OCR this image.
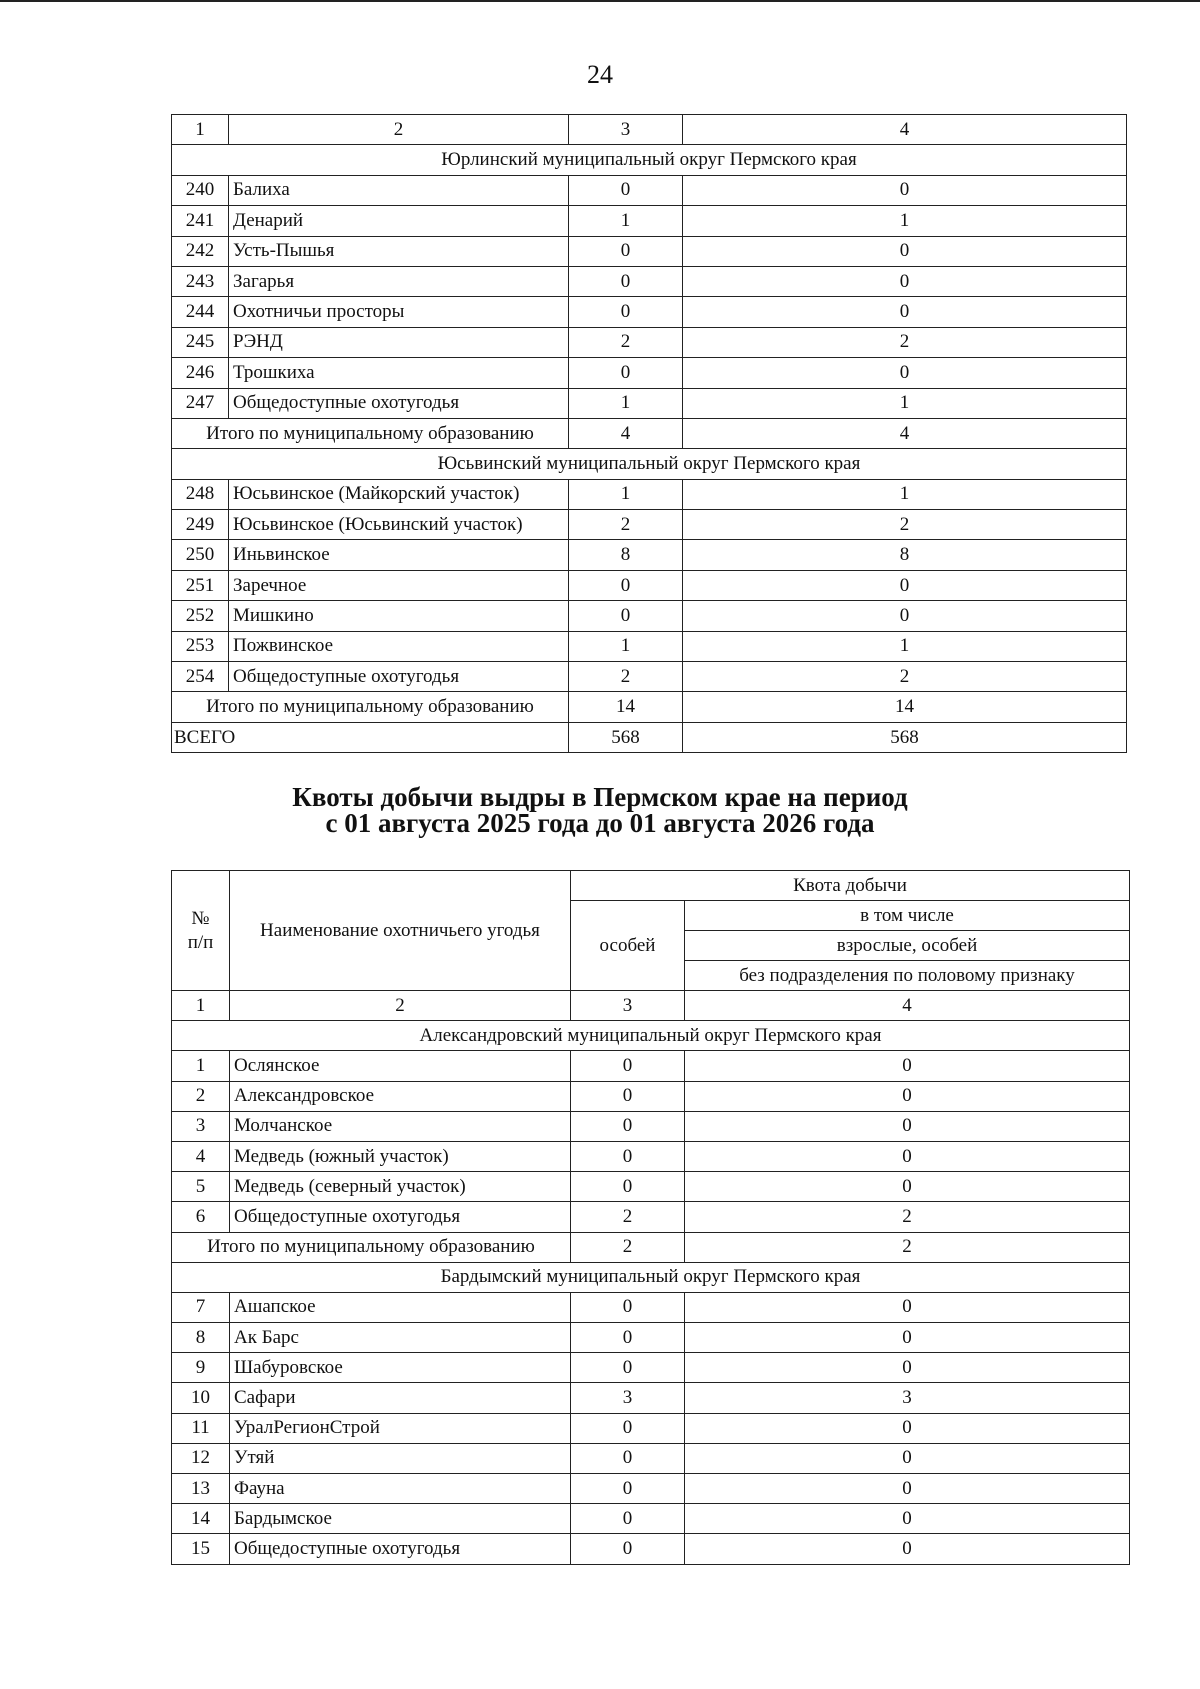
24
1	2	3	4
Юрлинский муниципальный округ Пермского края			
240	Балиха	0	0
241	Денарий	1	1
242	Усть-Пышья	0	0
243	Загарья	0	0
244	Охотничьи просторы	0	0
245	РЭНД	2	2
246	Трошкиха	0	0
247	Общедоступные охотугодья	1	1
Итого по муниципальному образованию		4	4
Юсьвинский муниципальный округ Пермского края			
248	Юсьвинское (Майкорский участок)	1	1
249	Юсьвинское (Юсьвинский участок)	2	2
250	Иньвинское	8	8
251	Заречное	0	0
252	Мишкино	0	0
253	Пожвинское	1	1
254	Общедоступные охотугодья	2	2
Итого по муниципальному образованию		14	14
ВСЕГО		568	568
Квоты добычи выдры в Пермском крае на период
с 01 августа 2025 года до 01 августа 2026 года
№
п/п	Наименование охотничьего угодья	Квота добычи	
		особей	в том числе
			взрослые, особей
			без подразделения по половому признаку
1	2	3	4
Александровский муниципальный округ Пермского края			
1	Ослянское	0	0
2	Александровское	0	0
3	Молчанское	0	0
4	Медведь (южный участок)	0	0
5	Медведь (северный участок)	0	0
6	Общедоступные охотугодья	2	2
Итого по муниципальному образованию		2	2
Бардымский муниципальный округ Пермского края			
7	Ашапское	0	0
8	Ак Барс	0	0
9	Шабуровское	0	0
10	Сафари	3	3
11	УралРегионСтрой	0	0
12	Утяй	0	0
13	Фауна	0	0
14	Бардымское	0	0
15	Общедоступные охотугодья	0	0
